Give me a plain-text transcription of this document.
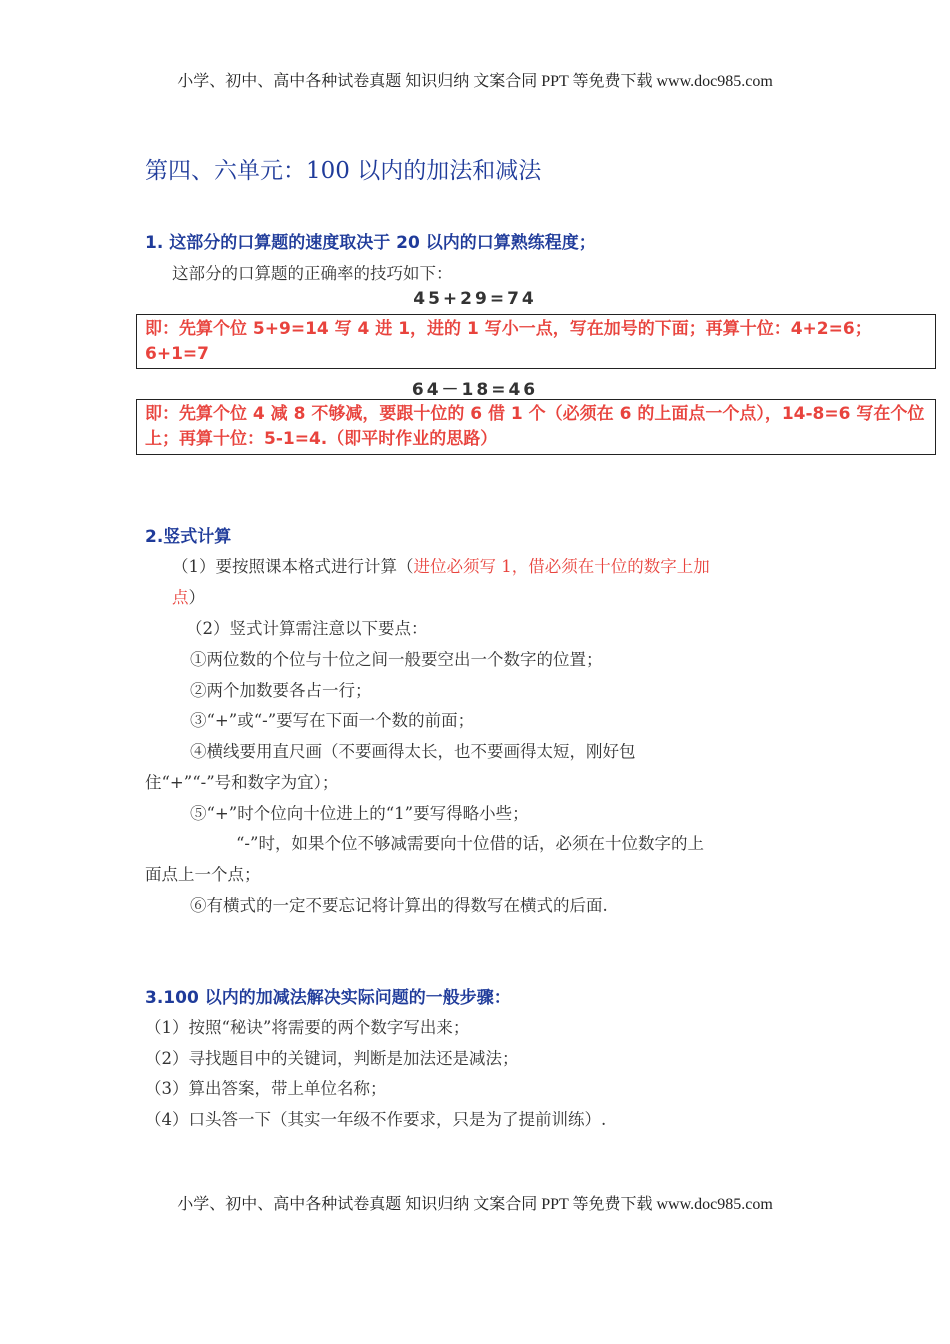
小学、初中、高中各种试卷真题 知识归纳 文案合同 PPT 等免费下载 www.doc985.com
第四、六单元：100 以内的加法和减法
1. 这部分的口算题的速度取决于 20 以内的口算熟练程度；
这部分的口算题的正确率的技巧如下：
45+29=74
即：先算个位 5+9=14 写 4 进 1，进的 1 写小一点，写在加号的下面；再算十位：4+2=6；6+1=7
64－18=46
即：先算个位 4 减 8 不够减，要跟十位的 6 借 1 个（必须在 6 的上面点一个点），14-8=6 写在个位上；再算十位：5-1=4.（即平时作业的思路）
2.竖式计算
（1）要按照课本格式进行计算（进位必须写 1，借必须在十位的数字上加
点）
（2）竖式计算需注意以下要点：
①两位数的个位与十位之间一般要空出一个数字的位置；
②两个加数要各占一行；
③“+”或“-”要写在下面一个数的前面；
④横线要用直尺画（不要画得太长，也不要画得太短，刚好包
住“+”“-”号和数字为宜）；
⑤“+”时个位向十位进上的“1”要写得略小些；
“-”时，如果个位不够减需要向十位借的话，必须在十位数字的上
面点上一个点；
⑥有横式的一定不要忘记将计算出的得数写在横式的后面.
3.100 以内的加减法解决实际问题的一般步骤：
（1）按照“秘诀”将需要的两个数字写出来；
（2）寻找题目中的关键词，判断是加法还是减法；
（3）算出答案，带上单位名称；
（4）口头答一下（其实一年级不作要求，只是为了提前训练）.
小学、初中、高中各种试卷真题 知识归纳 文案合同 PPT 等免费下载 www.doc985.com
